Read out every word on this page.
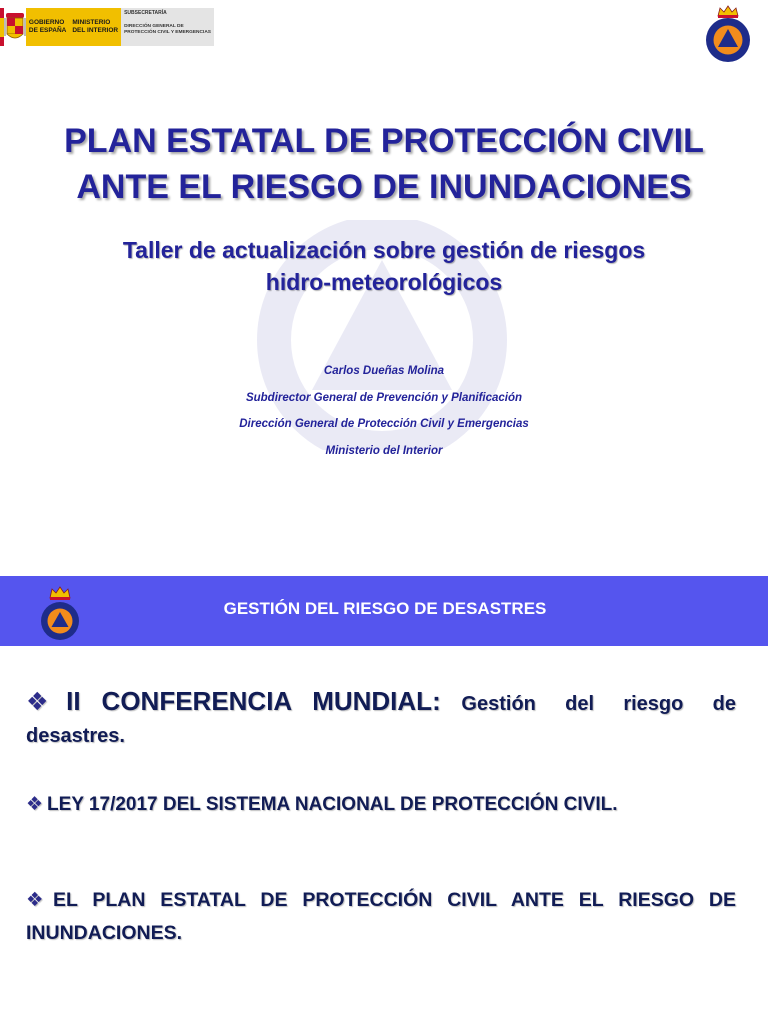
GOBIERNO
DE ESPAÑA
MINISTERIO
DEL INTERIOR
SUBSECRETARÍA
DIRECCIÓN GENERAL DE
PROTECCIÓN CIVIL Y EMERGENCIAS
PLAN ESTATAL DE PROTECCIÓN CIVIL
ANTE EL RIESGO DE INUNDACIONES
Taller de actualización sobre gestión de riesgos
hidro-meteorológicos
Carlos Dueñas Molina
Subdirector General de Prevención y Planificación
Dirección General de Protección Civil y Emergencias
Ministerio del Interior
GESTIÓN DEL RIESGO DE DESASTRES
❖ II CONFERENCIA MUNDIAL: Gestión del riesgo de desastres.
❖ LEY 17/2017 DEL SISTEMA NACIONAL DE PROTECCIÓN CIVIL.
❖ EL PLAN ESTATAL DE PROTECCIÓN CIVIL ANTE EL RIESGO DE INUNDACIONES.
